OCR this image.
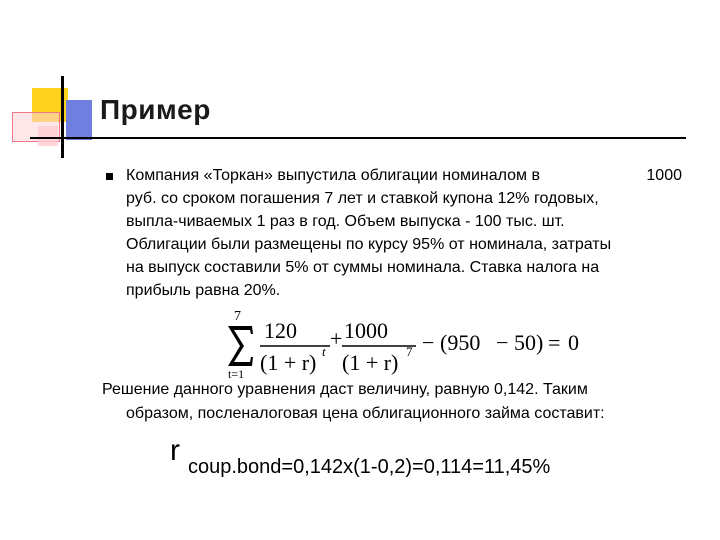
Пример

Компания «Торкан» выпустила облигации номиналом в	1000
руб. со сроком погашения 7 лет и ставкой купона 12% годовых,
выпла-чиваемых 1 раз в год. Объем выпуска - 100 тыс. шт.
Облигации были размещены по курсу 95% от номинала, затраты
на выпуск составили 5% от суммы номинала. Ставка налога на
прибыль равна 20%.

7
t=1
120
(1 + r) t
+ 1000
(1 + r) 7 − (950 − 50) = 0

Решение данного уравнения даст величину, равную 0,142. Таким
образом, посленалоговая цена облигационного займа составит:

r coup.bond=0,142x(1-0,2)=0,114=11,45%
